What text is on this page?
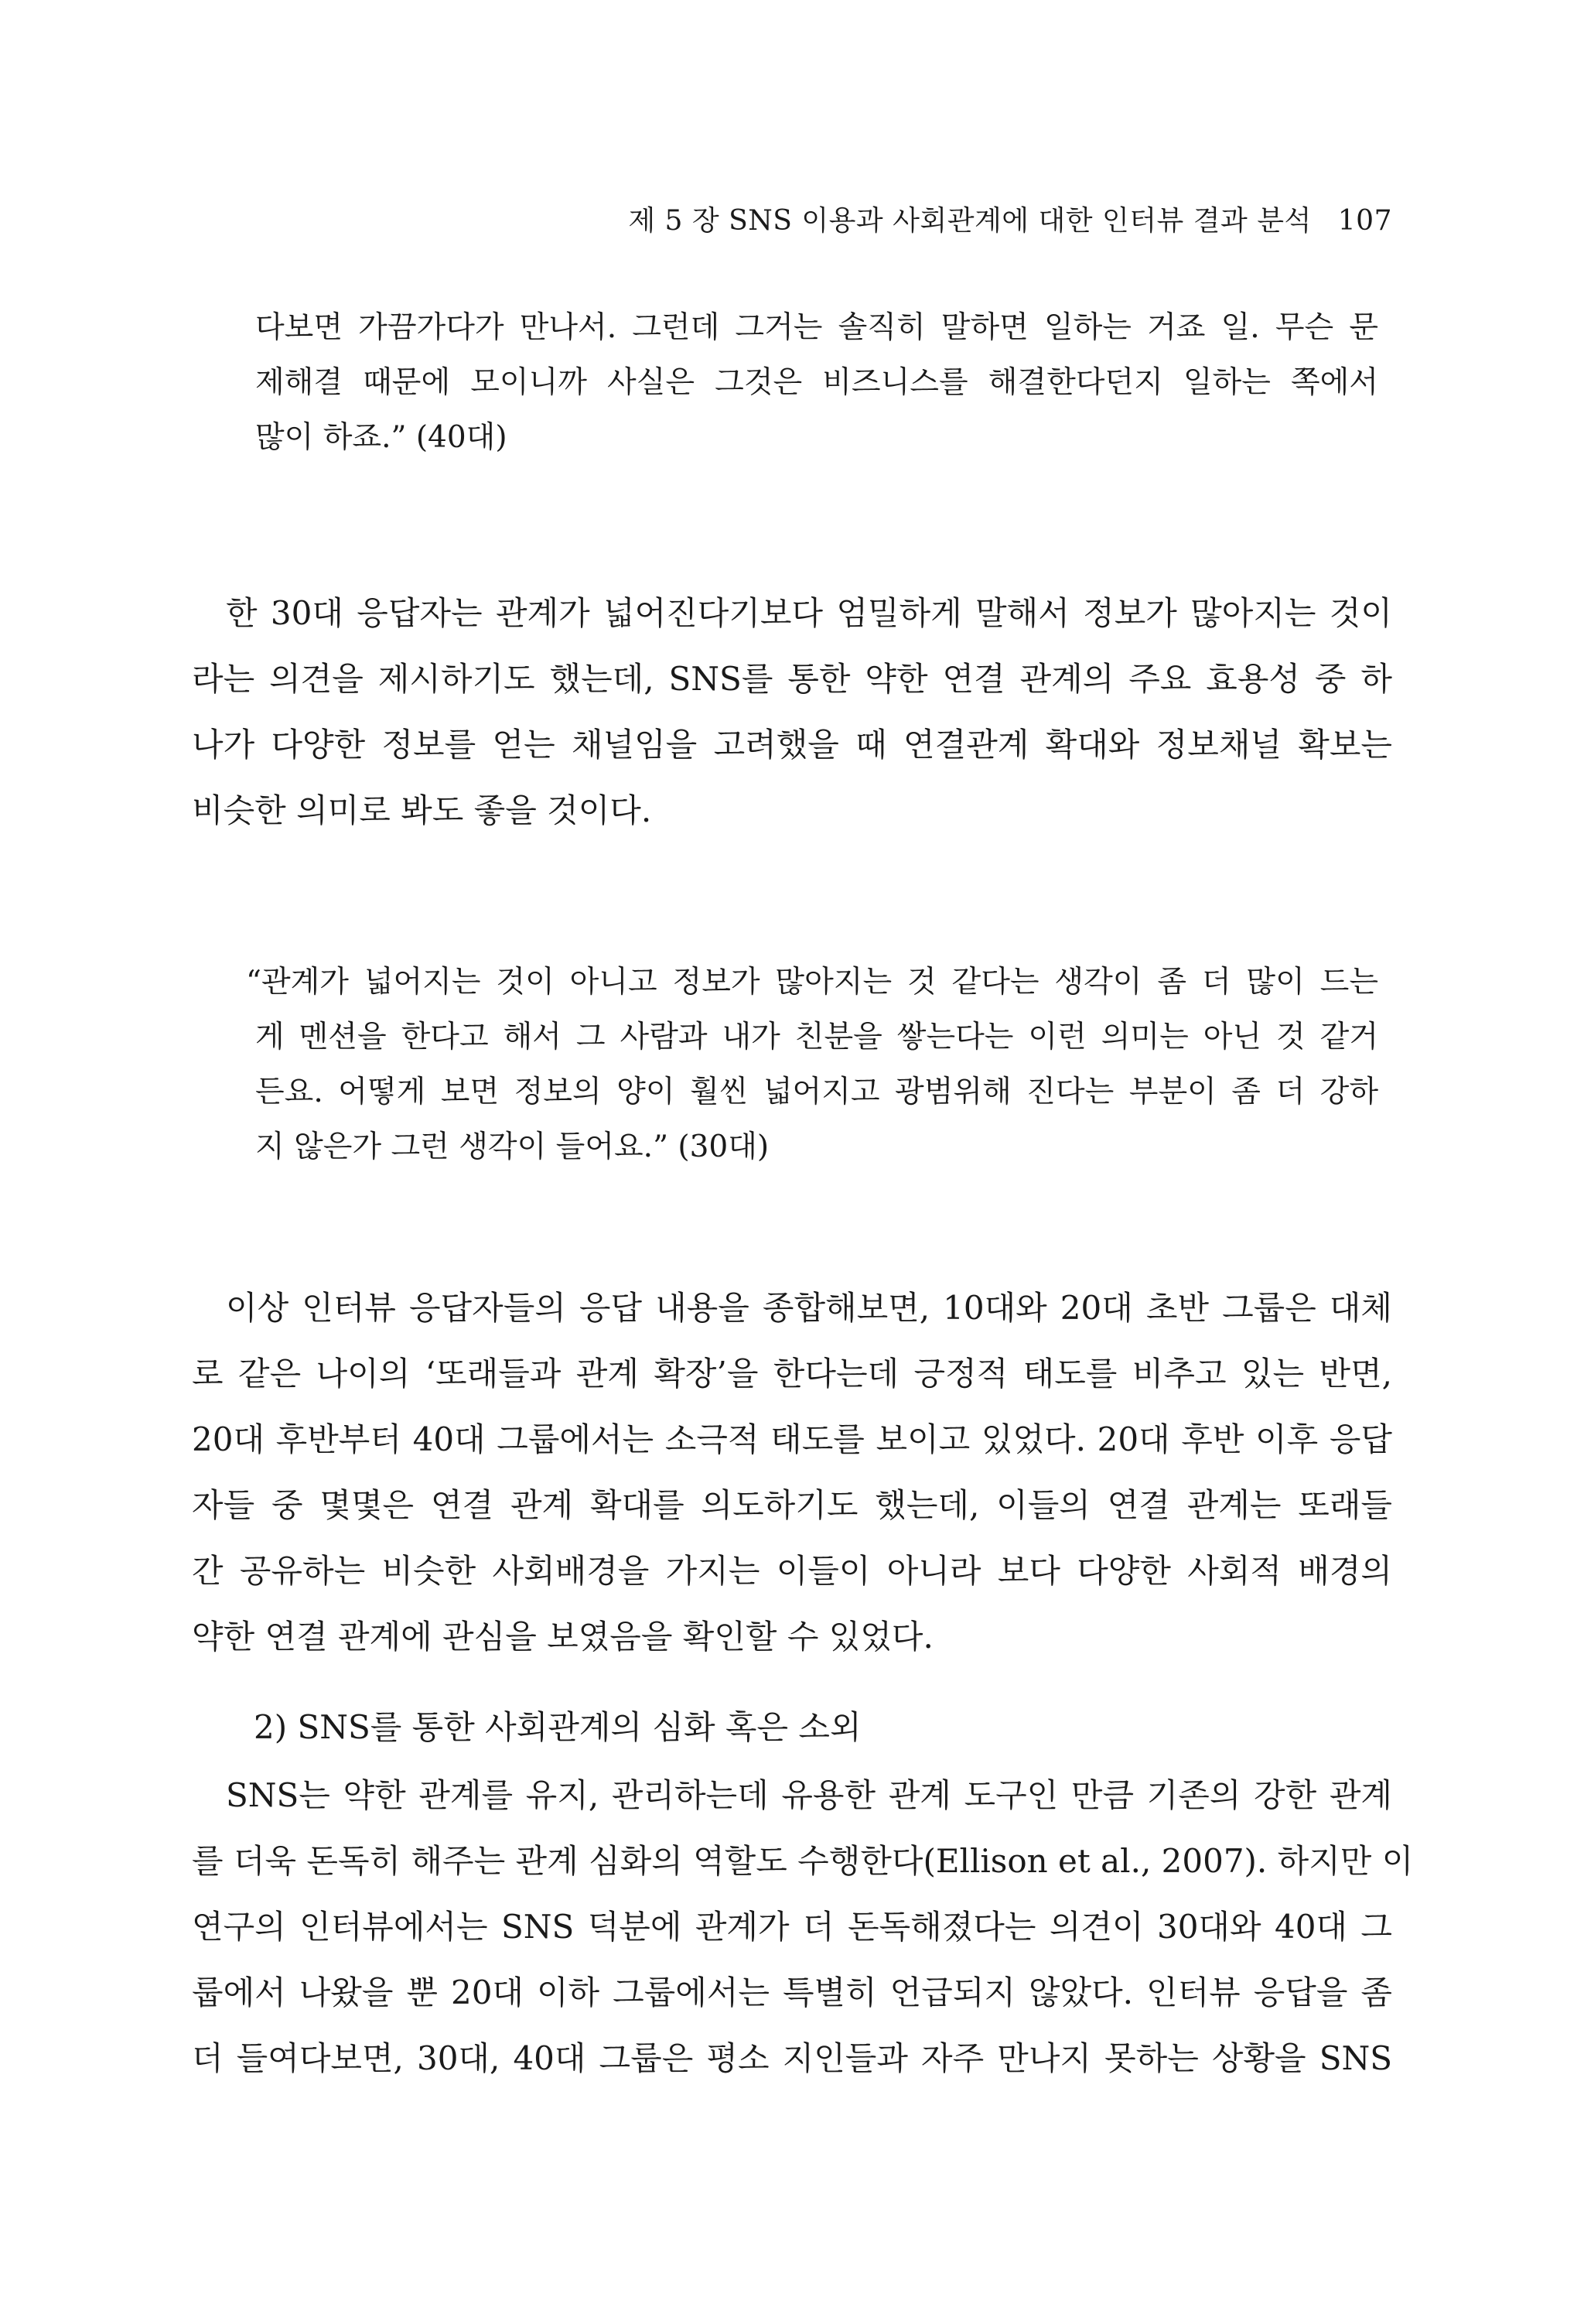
제 5 장 SNS 이용과 사회관계에 대한 인터뷰 결과 분석 107
다보면 가끔가다가 만나서. 그런데 그거는 솔직히 말하면 일하는 거죠 일. 무슨 문
제해결 때문에 모이니까 사실은 그것은 비즈니스를 해결한다던지 일하는 쪽에서
많이 하죠.” (40대)
한 30대 응답자는 관계가 넓어진다기보다 엄밀하게 말해서 정보가 많아지는 것이
라는 의견을 제시하기도 했는데, SNS를 통한 약한 연결 관계의 주요 효용성 중 하
나가 다양한 정보를 얻는 채널임을 고려했을 때 연결관계 확대와 정보채널 확보는
비슷한 의미로 봐도 좋을 것이다.
“관계가 넓어지는 것이 아니고 정보가 많아지는 것 같다는 생각이 좀 더 많이 드는
게 멘션을 한다고 해서 그 사람과 내가 친분을 쌓는다는 이런 의미는 아닌 것 같거
든요. 어떻게 보면 정보의 양이 훨씬 넓어지고 광범위해 진다는 부분이 좀 더 강하
지 않은가 그런 생각이 들어요.” (30대)
이상 인터뷰 응답자들의 응답 내용을 종합해보면, 10대와 20대 초반 그룹은 대체
로 같은 나이의 ‘또래들과 관계 확장’을 한다는데 긍정적 태도를 비추고 있는 반면,
20대 후반부터 40대 그룹에서는 소극적 태도를 보이고 있었다. 20대 후반 이후 응답
자들 중 몇몇은 연결 관계 확대를 의도하기도 했는데, 이들의 연결 관계는 또래들
간 공유하는 비슷한 사회배경을 가지는 이들이 아니라 보다 다양한 사회적 배경의
약한 연결 관계에 관심을 보였음을 확인할 수 있었다.
2) SNS를 통한 사회관계의 심화 혹은 소외
SNS는 약한 관계를 유지, 관리하는데 유용한 관계 도구인 만큼 기존의 강한 관계
를 더욱 돈독히 해주는 관계 심화의 역할도 수행한다(Ellison et al., 2007). 하지만 이
연구의 인터뷰에서는 SNS 덕분에 관계가 더 돈독해졌다는 의견이 30대와 40대 그
룹에서 나왔을 뿐 20대 이하 그룹에서는 특별히 언급되지 않았다. 인터뷰 응답을 좀
더 들여다보면, 30대, 40대 그룹은 평소 지인들과 자주 만나지 못하는 상황을 SNS
